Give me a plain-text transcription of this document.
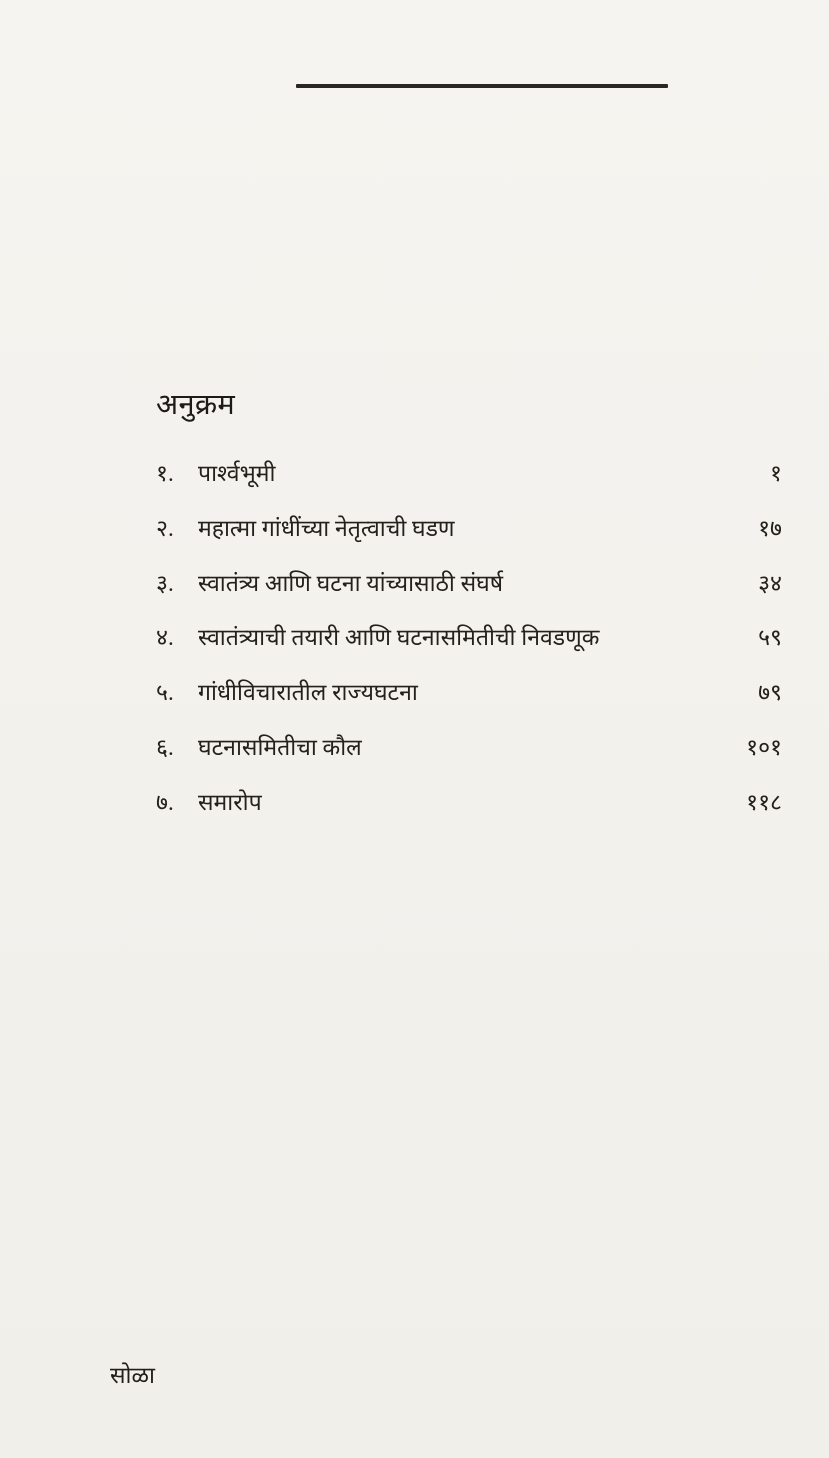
अनुक्रम
१.	पार्श्वभूमी	१
२.	महात्मा गांधींच्या नेतृत्वाची घडण	१७
३.	स्वातंत्र्य आणि घटना यांच्यासाठी संघर्ष	३४
४.	स्वातंत्र्याची तयारी आणि घटनासमितीची निवडणूक	५९
५.	गांधीविचारातील राज्यघटना	७९
६.	घटनासमितीचा कौल	१०१
७.	समारोप	११८
सोळा
